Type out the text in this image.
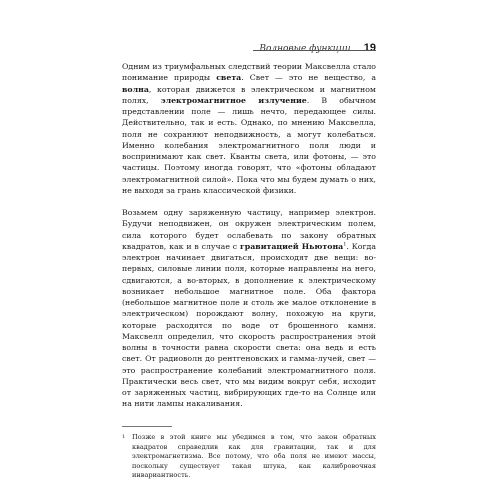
Волновые функции 19

Одним из триумфальных следствий теории Максвелла стало понимание природы света. Свет — это не вещество, а волна, которая движется в электрическом и магнитном полях, электромагнитное излучение. В обычном представлении поле — лишь нечто, передающее силы. Действительно, так и есть. Однако, по мнению Максвелла, поля не сохраняют неподвижность, а могут колебаться. Именно колебания электромагнитного поля люди и воспринимают как свет. Кванты света, или фотоны, — это частицы. Поэтому иногда говорят, что «фотоны обладают электромагнитной силой». Пока что мы будем думать о них, не выходя за грань классической физики.

Возьмем одну заряженную частицу, например электрон. Будучи неподвижен, он окружен электрическим полем, сила которого будет ослабевать по закону обратных квадратов, как и в случае с гравитацией Ньютона$^1$. Когда электрон начинает двигаться, происходят две вещи: во-первых, силовые линии поля, которые направлены на него, сдвигаются, а во-вторых, в дополнение к электрическому возникает небольшое магнитное поле. Оба фактора (небольшое магнитное поле и столь же малое отклонение в электрическом) порождают волну, похожую на круги, которые расходятся по воде от брошенного камня. Максвелл определил, что скорость распространения этой волны в точности равна скорости света: она ведь и есть свет. От радиоволн до рентгеновских и гамма-лучей, свет — это распространение колебаний электромагнитного поля. Практически весь свет, что мы видим вокруг себя, исходит от заряженных частиц, вибрирующих где-то на Солнце или на нити лампы накаливания.

1	Позже в этой книге мы убедимся в том, что закон обратных квадратов справедлив как для гравитации, так и для электромагнетизма. Все потому, что оба поля не имеют массы, поскольку существует такая штука, как калибровочная инвариантность.
